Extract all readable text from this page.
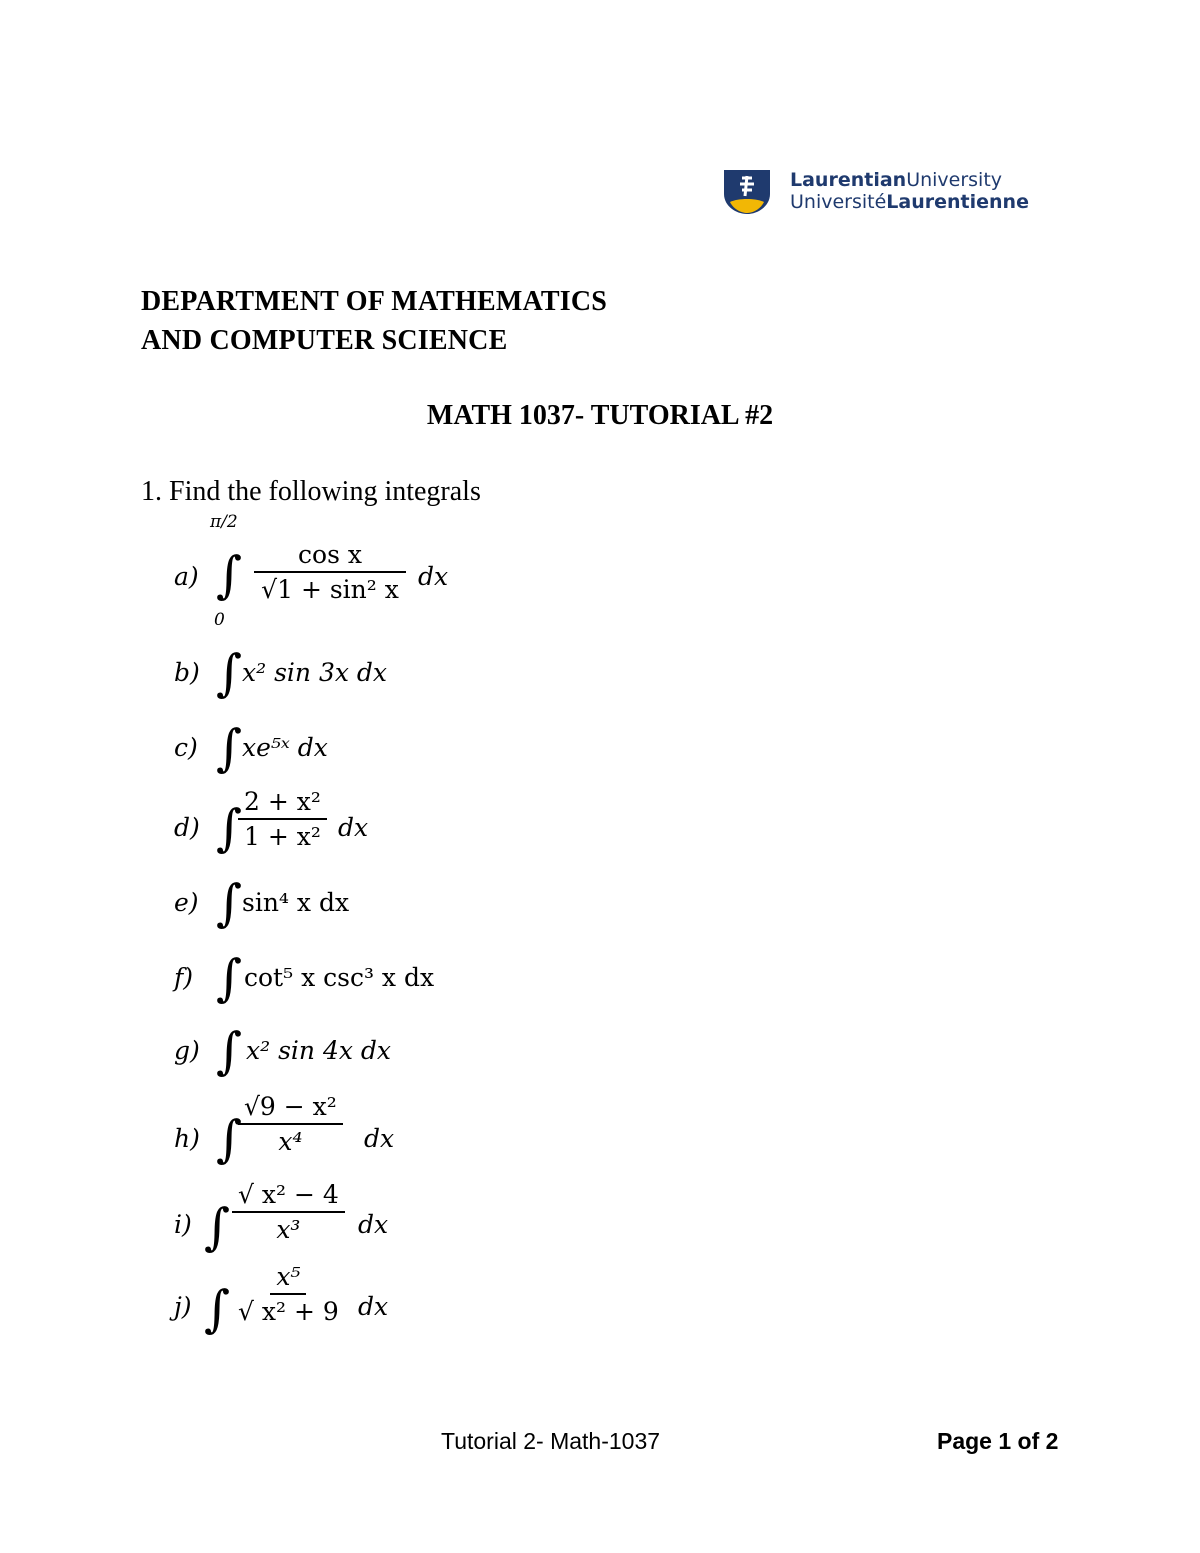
LaurentianUniversity
UniversitéLaurentienne
DEPARTMENT OF MATHEMATICS
AND COMPUTER SCIENCE
MATH 1037- TUTORIAL #2
1. Find the following integrals
π/2
0
a) ∫ $\frac{\text{cos x}}{\text{√1 + sin² x}}$ dx
b) ∫ x² sin 3x dx
c) ∫ xe⁵ˣ dx
d) ∫
$\frac{\text{2 + x²}}{\text{1 + x²}}$ dx
e) ∫ sin⁴ x dx
f) ∫ cot⁵ x csc³ x dx
g) ∫ x² sin 4x dx
h) ∫
$\frac{\text{√9 − x²}}{\text{x⁴}}$ dx
i) ∫ $\frac{\text{√ x² − 4}}{\text{x³}}$ dx
j) ∫ $\frac{\text{x⁵}}{\text{√ x² + 9}}$ dx
Tutorial 2- Math-1037	Page 1 of 2
